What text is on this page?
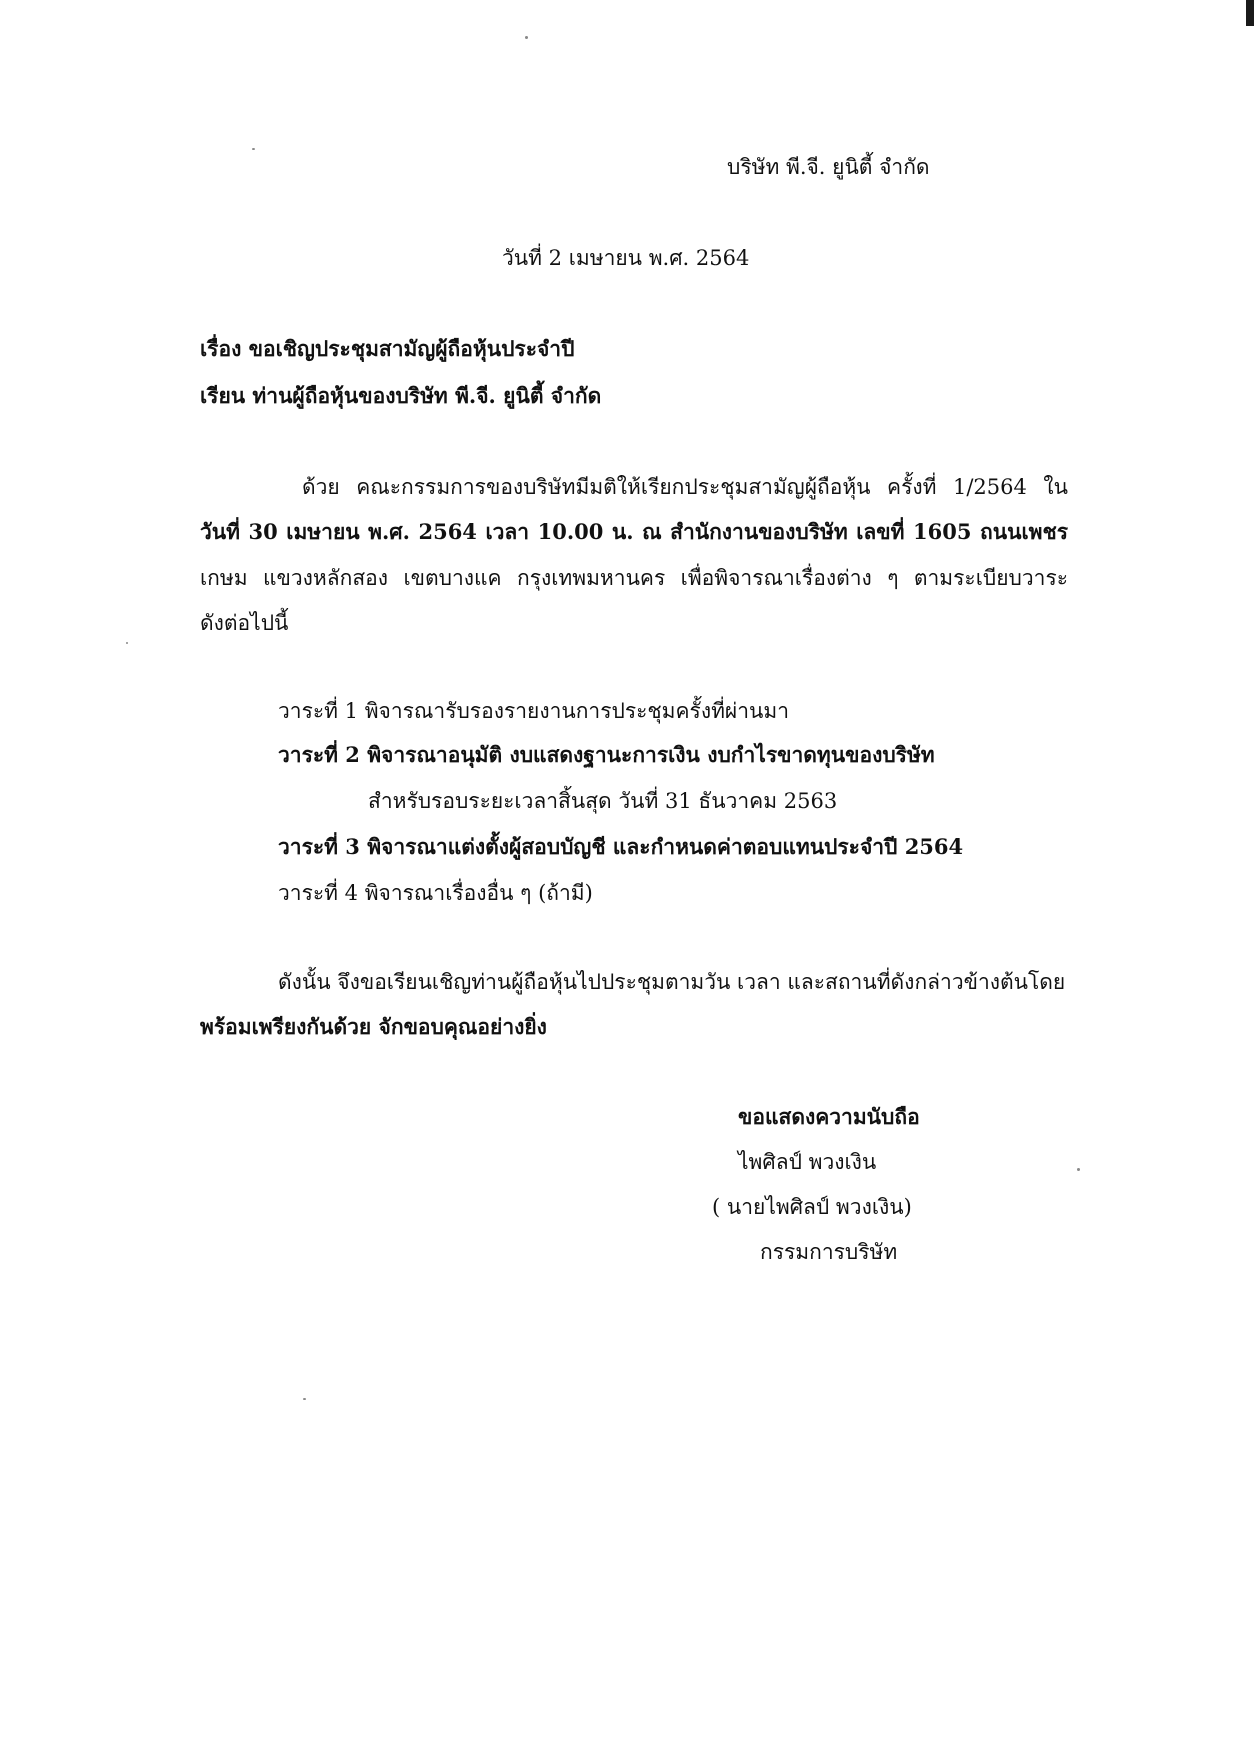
บริษัท พี.จี. ยูนิตี้ จำกัด
วันที่ 2 เมษายน พ.ศ. 2564
เรื่อง ขอเชิญประชุมสามัญผู้ถือหุ้นประจำปี
เรียน ท่านผู้ถือหุ้นของบริษัท พี.จี. ยูนิตี้ จำกัด
ด้วย คณะกรรมการของบริษัทมีมติให้เรียกประชุมสามัญผู้ถือหุ้น ครั้งที่ 1/2564 ใน
วันที่ 30 เมษายน พ.ศ. 2564 เวลา 10.00 น. ณ สำนักงานของบริษัท เลขที่ 1605 ถนนเพชร
เกษม แขวงหลักสอง เขตบางแค กรุงเทพมหานคร เพื่อพิจารณาเรื่องต่าง ๆ ตามระเบียบวาระ
ดังต่อไปนี้
วาระที่ 1 พิจารณารับรองรายงานการประชุมครั้งที่ผ่านมา
วาระที่ 2 พิจารณาอนุมัติ งบแสดงฐานะการเงิน งบกำไรขาดทุนของบริษัท
สำหรับรอบระยะเวลาสิ้นสุด วันที่ 31 ธันวาคม 2563
วาระที่ 3 พิจารณาแต่งตั้งผู้สอบบัญชี และกำหนดค่าตอบแทนประจำปี 2564
วาระที่ 4 พิจารณาเรื่องอื่น ๆ (ถ้ามี)
ดังนั้น จึงขอเรียนเชิญท่านผู้ถือหุ้นไปประชุมตามวัน เวลา และสถานที่ดังกล่าวข้างต้นโดย
พร้อมเพรียงกันด้วย จักขอบคุณอย่างยิ่ง
ขอแสดงความนับถือ
ไพศิลป์ พวงเงิน
( นายไพศิลป์ พวงเงิน)
กรรมการบริษัท
